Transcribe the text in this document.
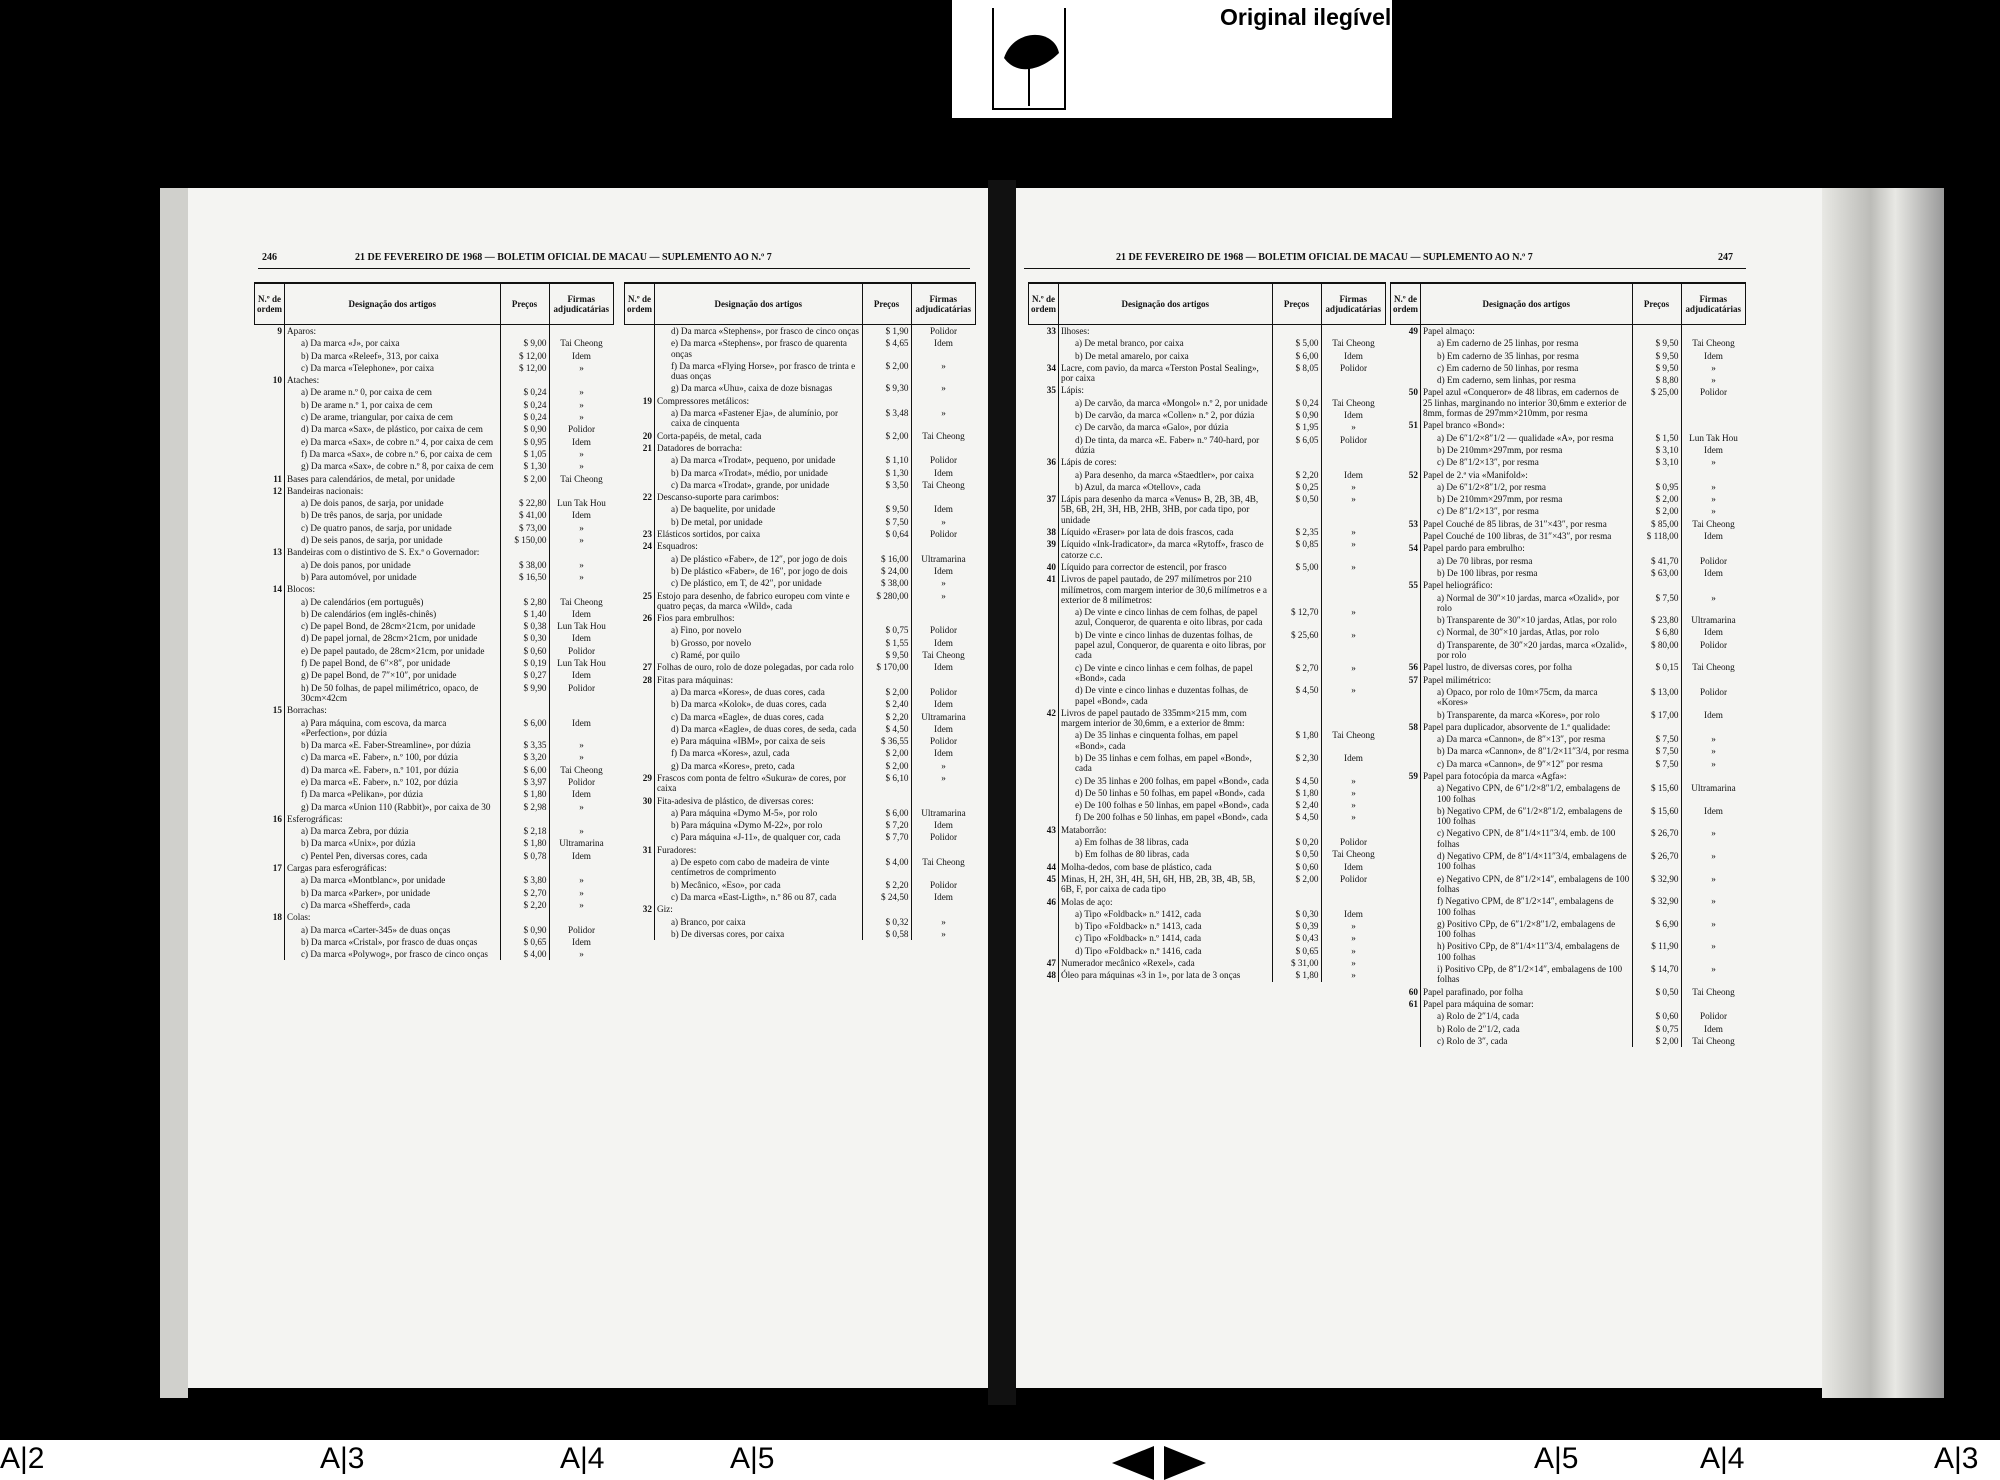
Original ilegível
246	21 DE FEVEREIRO DE 1968 — BOLETIM OFICIAL DE MACAU — SUPLEMENTO AO N.º 7	21 DE FEVEREIRO DE 1968 — BOLETIM OFICIAL DE MACAU — SUPLEMENTO AO N.º 7	247
N.º de ordem	Designação dos artigos	Preços	Firmas adjudicatárias
9	Aparos:		

	a) Da marca «J», por caixa	$ 9,00	Tai Cheong

	b) Da marca «Releef», 313, por caixa	$ 12,00	Idem

	c) Da marca «Telephone», por caixa	$ 12,00	»
10	Ataches:		

	a) De arame n.º 0, por caixa de cem	$ 0,24	»

	b) De arame n.º 1, por caixa de cem	$ 0,24	»

	c) De arame, triangular, por caixa de cem	$ 0,24	»

	d) Da marca «Sax», de plástico, por caixa de cem	$ 0,90	Polidor

	e) Da marca «Sax», de cobre n.º 4, por caixa de cem	$ 0,95	Idem

	f) Da marca «Sax», de cobre n.º 6, por caixa de cem	$ 1,05	»

	g) Da marca «Sax», de cobre n.º 8, por caixa de cem	$ 1,30	»
11	Bases para calendários, de metal, por unidade	$ 2,00	Tai Cheong
12	Bandeiras nacionais:		

	a) De dois panos, de sarja, por unidade	$ 22,80	Lun Tak Hou

	b) De três panos, de sarja, por unidade	$ 41,00	Idem

	c) De quatro panos, de sarja, por unidade	$ 73,00	»

	d) De seis panos, de sarja, por unidade	$ 150,00	»
13	Bandeiras com o distintivo de S. Ex.ª o Governador:		

	a) De dois panos, por unidade	$ 38,00	»

	b) Para automóvel, por unidade	$ 16,50	»
14	Blocos:		

	a) De calendários (em português)	$ 2,80	Tai Cheong

	b) De calendários (em inglês-chinês)	$ 1,40	Idem

	c) De papel Bond, de 28cm×21cm, por unidade	$ 0,38	Lun Tak Hou

	d) De papel jornal, de 28cm×21cm, por unidade	$ 0,30	Idem

	e) De papel pautado, de 28cm×21cm, por unidade	$ 0,60	Polidor

	f) De papel Bond, de 6″×8″, por unidade	$ 0,19	Lun Tak Hou

	g) De papel Bond, de 7″×10″, por unidade	$ 0,27	Idem

	h) De 50 folhas, de papel milimétrico, opaco, de 30cm×42cm	$ 9,90	Polidor
15	Borrachas:		

	a) Para máquina, com escova, da marca «Perfection», por dúzia	$ 6,00	Idem

	b) Da marca «E. Faber-Streamline», por dúzia	$ 3,35	»

	c) Da marca «E. Faber», n.º 100, por dúzia	$ 3,20	»

	d) Da marca «E. Faber», n.º 101, por dúzia	$ 6,00	Tai Cheong

	e) Da marca «E. Faber», n.º 102, por dúzia	$ 3,97	Polidor

	f) Da marca «Pelikan», por dúzia	$ 1,80	Idem

	g) Da marca «Union 110 (Rabbit)», por caixa de 30	$ 2,98	»
16	Esferográficas:		

	a) Da marca Zebra, por dúzia	$ 2,18	»

	b) Da marca «Unix», por dúzia	$ 1,80	Ultramarina

	c) Pentel Pen, diversas cores, cada	$ 0,78	Idem
17	Cargas para esferográficas:		

	a) Da marca «Montblanc», por unidade	$ 3,80	»

	b) Da marca «Parker», por unidade	$ 2,70	»

	c) Da marca «Shefferd», cada	$ 2,20	»
18	Colas:		

	a) Da marca «Carter-345» de duas onças	$ 0,90	Polidor

	b) Da marca «Cristal», por frasco de duas onças	$ 0,65	Idem

	c) Da marca «Polywog», por frasco de cinco onças	$ 4,00	»
N.º de ordem	Designação dos artigos	Preços	Firmas adjudicatárias

	d) Da marca «Stephens», por frasco de cinco onças	$ 1,90	Polidor

	e) Da marca «Stephens», por frasco de quarenta onças	$ 4,65	Idem

	f) Da marca «Flying Horse», por frasco de trinta e duas onças	$ 2,00	»

	g) Da marca «Uhu», caixa de doze bisnagas	$ 9,30	»
19	Compressores metálicos:		

	a) Da marca «Fastener Eja», de alumínio, por caixa de cinquenta	$ 3,48	»
20	Corta-papéis, de metal, cada	$ 2,00	Tai Cheong
21	Datadores de borracha:		

	a) Da marca «Trodat», pequeno, por unidade	$ 1,10	Polidor

	b) Da marca «Trodat», médio, por unidade	$ 1,30	Idem

	c) Da marca «Trodat», grande, por unidade	$ 3,50	Tai Cheong
22	Descanso-suporte para carimbos:		

	a) De baquelite, por unidade	$ 9,50	Idem

	b) De metal, por unidade	$ 7,50	»
23	Elásticos sortidos, por caixa	$ 0,64	Polidor
24	Esquadros:		

	a) De plástico «Faber», de 12″, por jogo de dois	$ 16,00	Ultramarina

	b) De plástico «Faber», de 16″, por jogo de dois	$ 24,00	Idem

	c) De plástico, em T, de 42″, por unidade	$ 38,00	»
25	Estojo para desenho, de fabrico europeu com vinte e quatro peças, da marca «Wild», cada	$ 280,00	»
26	Fios para embrulhos:		

	a) Fino, por novelo	$ 0,75	Polidor

	b) Grosso, por novelo	$ 1,55	Idem

	c) Ramé, por quilo	$ 9,50	Tai Cheong
27	Folhas de ouro, rolo de doze polegadas, por cada rolo	$ 170,00	Idem
28	Fitas para máquinas:		

	a) Da marca «Kores», de duas cores, cada	$ 2,00	Polidor

	b) Da marca «Kolok», de duas cores, cada	$ 2,40	Idem

	c) Da marca «Eagle», de duas cores, cada	$ 2,20	Ultramarina

	d) Da marca «Eagle», de duas cores, de seda, cada	$ 4,50	Idem

	e) Para máquina «IBM», por caixa de seis	$ 36,55	Polidor

	f) Da marca «Kores», azul, cada	$ 2,00	Idem

	g) Da marca «Kores», preto, cada	$ 2,00	»
29	Frascos com ponta de feltro «Sukura» de cores, por caixa	$ 6,10	»
30	Fita-adesiva de plástico, de diversas cores:		

	a) Para máquina «Dymo M-5», por rolo	$ 6,00	Ultramarina

	b) Para máquina «Dymo M-22», por rolo	$ 7,20	Idem

	c) Para máquina «J-11», de qualquer cor, cada	$ 7,70	Polidor
31	Furadores:		

	a) De espeto com cabo de madeira de vinte centímetros de comprimento	$ 4,00	Tai Cheong

	b) Mecânico, «Eso», por cada	$ 2,20	Polidor

	c) Da marca «East-Ligth», n.º 86 ou 87, cada	$ 24,50	Idem
32	Giz:		

	a) Branco, por caixa	$ 0,32	»

	b) De diversas cores, por caixa	$ 0,58	»
N.º de ordem	Designação dos artigos	Preços	Firmas adjudicatárias
33	Ilhoses:		

	a) De metal branco, por caixa	$ 5,00	Tai Cheong

	b) De metal amarelo, por caixa	$ 6,00	Idem
34	Lacre, com pavio, da marca «Terston Postal Sealing», por caixa	$ 8,05	Polidor
35	Lápis:		

	a) De carvão, da marca «Mongol» n.º 2, por unidade	$ 0,24	Tai Cheong

	b) De carvão, da marca «Collen» n.º 2, por dúzia	$ 0,90	Idem

	c) De carvão, da marca «Galo», por dúzia	$ 1,95	»

	d) De tinta, da marca «E. Faber» n.º 740-hard, por dúzia	$ 6,05	Polidor
36	Lápis de cores:		

	a) Para desenho, da marca «Staedtler», por caixa	$ 2,20	Idem

	b) Azul, da marca «Otellov», cada	$ 0,25	»
37	Lápis para desenho da marca «Venus» B, 2B, 3B, 4B, 5B, 6B, 2H, 3H, HB, 2HB, 3HB, por cada tipo, por unidade	$ 0,50	»
38	Líquido «Eraser» por lata de dois frascos, cada	$ 2,35	»
39	Líquido «Ink-Iradicator», da marca «Rytoff», frasco de catorze c.c.	$ 0,85	»
40	Líquido para corrector de estencil, por frasco	$ 5,00	»
41	Livros de papel pautado, de 297 milímetros por 210 milímetros, com margem interior de 30,6 milímetros e a exterior de 8 milímetros:		

	a) De vinte e cinco linhas de cem folhas, de papel azul, Conqueror, de quarenta e oito libras, por cada	$ 12,70	»

	b) De vinte e cinco linhas de duzentas folhas, de papel azul, Conqueror, de quarenta e oito libras, por cada	$ 25,60	»

	c) De vinte e cinco linhas e cem folhas, de papel «Bond», cada	$ 2,70	»

	d) De vinte e cinco linhas e duzentas folhas, de papel «Bond», cada	$ 4,50	»
42	Livros de papel pautado de 335mm×215 mm, com margem interior de 30,6mm, e a exterior de 8mm:		

	a) De 35 linhas e cinquenta folhas, em papel «Bond», cada	$ 1,80	Tai Cheong

	b) De 35 linhas e cem folhas, em papel «Bond», cada	$ 2,30	Idem

	c) De 35 linhas e 200 folhas, em papel «Bond», cada	$ 4,50	»

	d) De 50 linhas e 50 folhas, em papel «Bond», cada	$ 1,80	»

	e) De 100 folhas e 50 linhas, em papel «Bond», cada	$ 2,40	»

	f) De 200 folhas e 50 linhas, em papel «Bond», cada	$ 4,50	»
43	Mataborrão:		

	a) Em folhas de 38 libras, cada	$ 0,20	Polidor

	b) Em folhas de 80 libras, cada	$ 0,50	Tai Cheong
44	Molha-dedos, com base de plástico, cada	$ 0,60	Idem
45	Minas, H, 2H, 3H, 4H, 5H, 6H, HB, 2B, 3B, 4B, 5B, 6B, F, por caixa de cada tipo	$ 2,00	Polidor
46	Molas de aço:		

	a) Tipo «Foldback» n.º 1412, cada	$ 0,30	Idem

	b) Tipo «Foldback» n.º 1413, cada	$ 0,39	»

	c) Tipo «Foldback» n.º 1414, cada	$ 0,43	»

	d) Tipo «Foldback» n.º 1416, cada	$ 0,65	»
47	Numerador mecânico «Rexel», cada	$ 31,00	»
48	Óleo para máquinas «3 in 1», por lata de 3 onças	$ 1,80	»
N.º de ordem	Designação dos artigos	Preços	Firmas adjudicatárias
49	Papel almaço:		

	a) Em caderno de 25 linhas, por resma	$ 9,50	Tai Cheong

	b) Em caderno de 35 linhas, por resma	$ 9,50	Idem

	c) Em caderno de 50 linhas, por resma	$ 9,50	»

	d) Em caderno, sem linhas, por resma	$ 8,80	»
50	Papel azul «Conqueror» de 48 libras, em cadernos de 25 linhas, marginando no interior 30,6mm e exterior de 8mm, formas de 297mm×210mm, por resma	$ 25,00	Polidor
51	Papel branco «Bond»:		

	a) De 6″1/2×8″1/2 — qualidade «A», por resma	$ 1,50	Lun Tak Hou

	b) De 210mm×297mm, por resma	$ 3,10	Idem

	c) De 8″1/2×13″, por resma	$ 3,10	»
52	Papel de 2.ª via «Manifold»:		

	a) De 6″1/2×8″1/2, por resma	$ 0,95	»

	b) De 210mm×297mm, por resma	$ 2,00	»

	c) De 8″1/2×13″, por resma	$ 2,00	»
53	Papel Couché de 85 libras, de 31″×43″, por resma	$ 85,00	Tai Cheong
	Papel Couché de 100 libras, de 31″×43″, por resma	$ 118,00	Idem
54	Papel pardo para embrulho:		

	a) De 70 libras, por resma	$ 41,70	Polidor

	b) De 100 libras, por resma	$ 63,00	Idem
55	Papel heliográfico:		

	a) Normal de 30″×10 jardas, marca «Ozalid», por rolo	$ 7,50	»

	b) Transparente de 30″×10 jardas, Atlas, por rolo	$ 23,80	Ultramarina

	c) Normal, de 30″×10 jardas, Atlas, por rolo	$ 6,80	Idem

	d) Transparente, de 30″×20 jardas, marca «Ozalid», por rolo	$ 80,00	Polidor
56	Papel lustro, de diversas cores, por folha	$ 0,15	Tai Cheong
57	Papel milimétrico:		

	a) Opaco, por rolo de 10m×75cm, da marca «Kores»	$ 13,00	Polidor

	b) Transparente, da marca «Kores», por rolo	$ 17,00	Idem
58	Papel para duplicador, absorvente de 1.ª qualidade:		

	a) Da marca «Cannon», de 8″×13″, por resma	$ 7,50	»

	b) Da marca «Cannon», de 8″1/2×11″3/4, por resma	$ 7,50	»

	c) Da marca «Cannon», de 9″×12″ por resma	$ 7,50	»
59	Papel para fotocópia da marca «Agfa»:		

	a) Negativo CPN, de 6″1/2×8″1/2, embalagens de 100 folhas	$ 15,60	Ultramarina

	b) Negativo CPM, de 6″1/2×8″1/2, embalagens de 100 folhas	$ 15,60	Idem

	c) Negativo CPN, de 8″1/4×11″3/4, emb. de 100 folhas	$ 26,70	»

	d) Negativo CPM, de 8″1/4×11″3/4, embalagens de 100 folhas	$ 26,70	»

	e) Negativo CPN, de 8″1/2×14″, embalagens de 100 folhas	$ 32,90	»

	f) Negativo CPM, de 8″1/2×14″, embalagens de 100 folhas	$ 32,90	»

	g) Positivo CPp, de 6″1/2×8″1/2, embalagens de 100 folhas	$ 6,90	»

	h) Positivo CPp, de 8″1/4×11″3/4, embalagens de 100 folhas	$ 11,90	»

	i) Positivo CPp, de 8″1/2×14″, embalagens de 100 folhas	$ 14,70	»
60	Papel parafinado, por folha	$ 0,50	Tai Cheong
61	Papel para máquina de somar:		

	a) Rolo de 2″1/4, cada	$ 0,60	Polidor

	b) Rolo de 2″1/2, cada	$ 0,75	Idem

	c) Rolo de 3″, cada	$ 2,00	Tai Cheong
A|2	A|3	A|4	A|5	A|5	A|4	A|3
